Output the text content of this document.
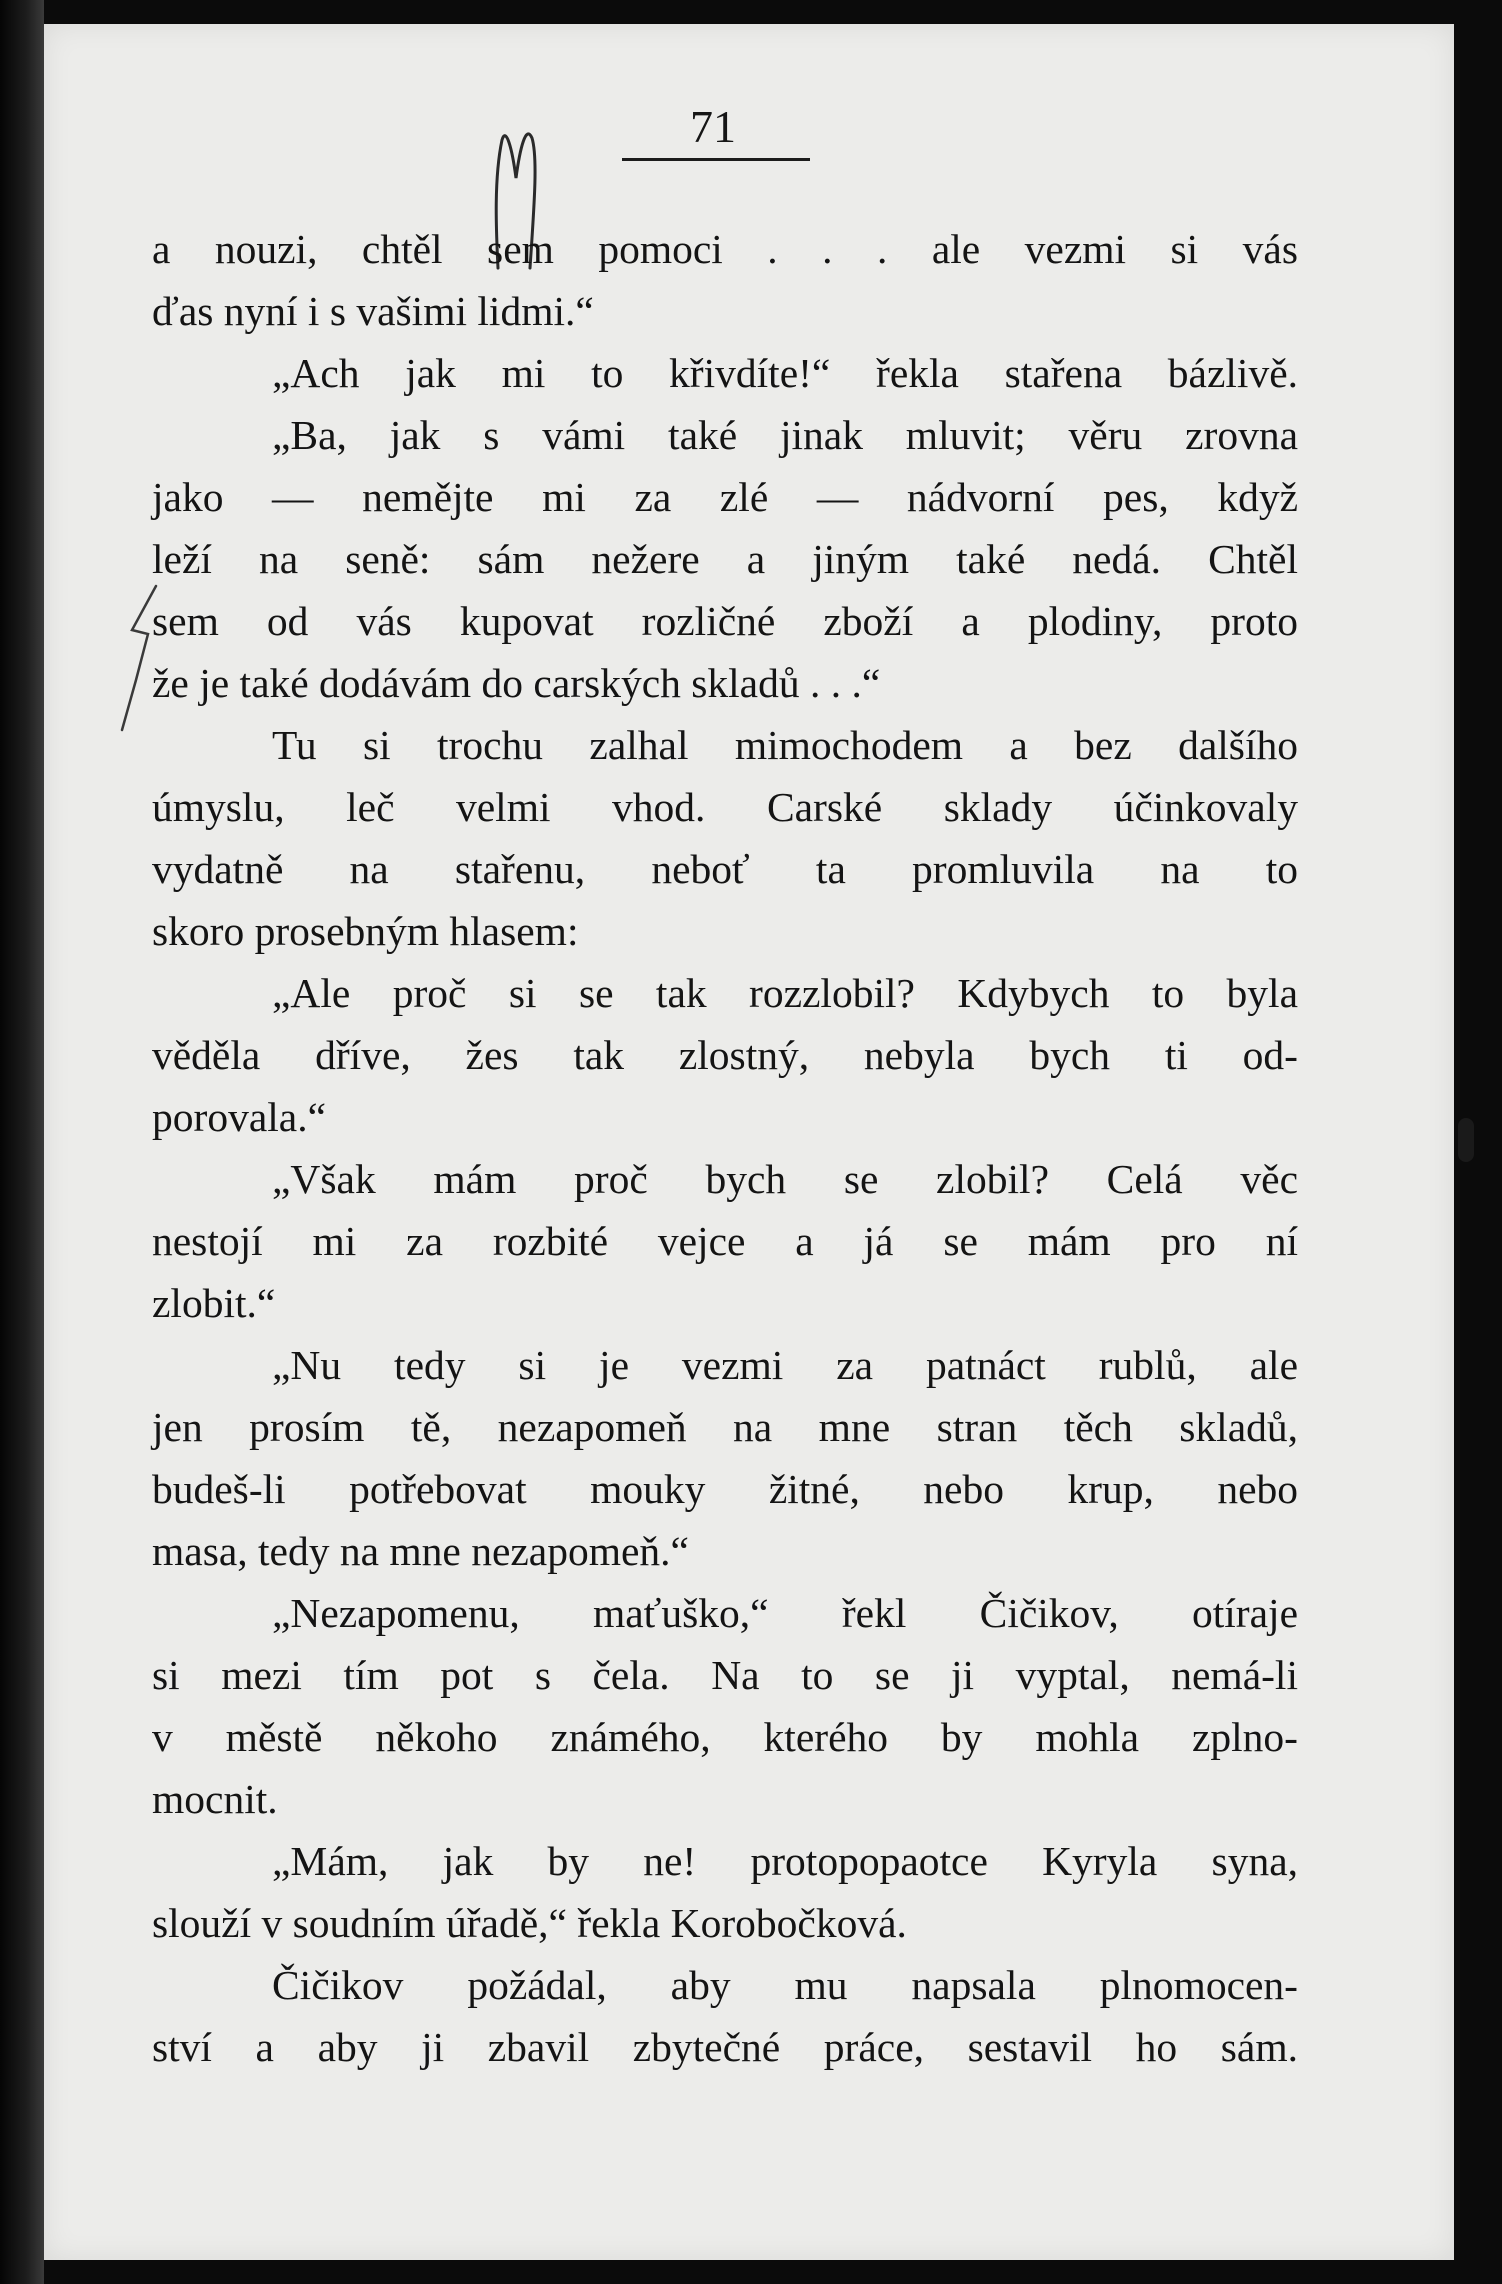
71
a nouzi, chtěl sem pomoci . . . ale vezmi si vás
ďas nyní i s vašimi lidmi.“
„Ach jak mi to křivdíte!“ řekla stařena bázlivě.
„Ba, jak s vámi také jinak mluvit; věru zrovna
jako — nemějte mi za zlé — nádvorní pes, když
leží na seně: sám nežere a jiným také nedá. Chtěl
sem od vás kupovat rozličné zboží a plodiny, proto
že je také dodávám do carských skladů . . .“
Tu si trochu zalhal mimochodem a bez dalšího
úmyslu, leč velmi vhod. Carské sklady účinkovaly
vydatně na stařenu, neboť ta promluvila na to
skoro prosebným hlasem:
„Ale proč si se tak rozzlobil? Kdybych to byla
věděla dříve, žes tak zlostný, nebyla bych ti od-
porovala.“
„Však mám proč bych se zlobil? Celá věc
nestojí mi za rozbité vejce a já se mám pro ní
zlobit.“
„Nu tedy si je vezmi za patnáct rublů, ale
jen prosím tě, nezapomeň na mne stran těch skladů,
budeš-li potřebovat mouky žitné, nebo krup, nebo
masa, tedy na mne nezapomeň.“
„Nezapomenu, maťuško,“ řekl Čičikov, otíraje
si mezi tím pot s čela. Na to se ji vyptal, nemá-li
v městě někoho známého, kterého by mohla zplno-
mocnit.
„Mám, jak by ne! protopopaotce Kyryla syna,
slouží v soudním úřadě,“ řekla Korobočková.
Čičikov požádal, aby mu napsala plnomocen-
ství a aby ji zbavil zbytečné práce, sestavil ho sám.
